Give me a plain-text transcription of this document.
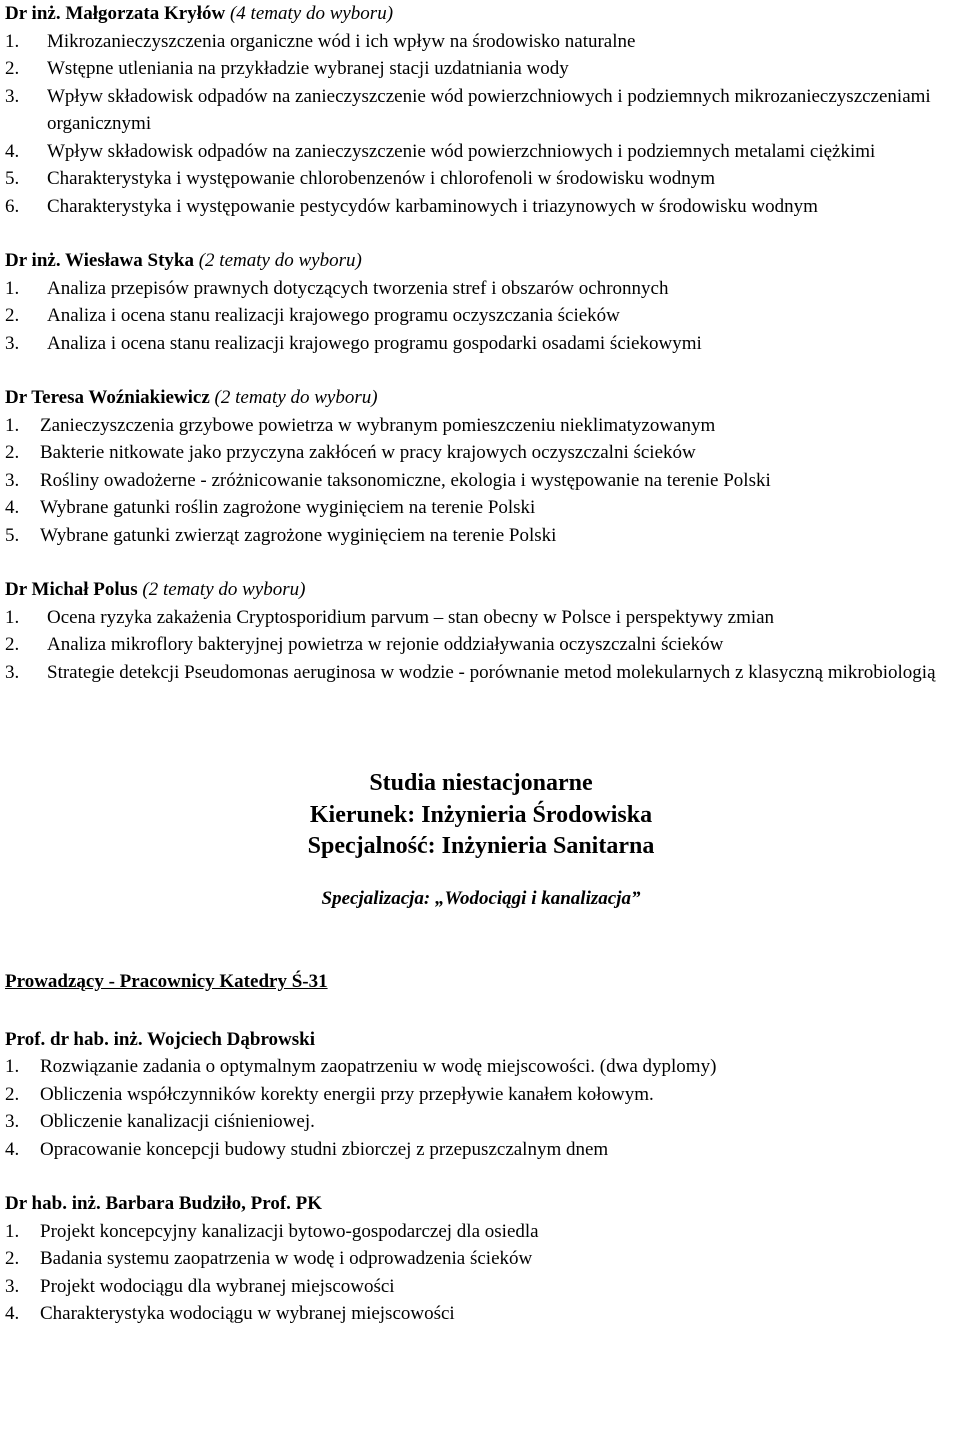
Dr inż. Małgorzata Kryłów (4 tematy do wyboru)

1.	Mikrozanieczyszczenia organiczne wód i ich wpływ na środowisko naturalne
2.	Wstępne utleniania na przykładzie wybranej stacji uzdatniania wody
3.	Wpływ składowisk odpadów na zanieczyszczenie wód powierzchniowych i podziemnych mikrozanieczyszczeniami organicznymi
4.	Wpływ składowisk odpadów na zanieczyszczenie wód powierzchniowych i podziemnych metalami ciężkimi
5.	Charakterystyka i występowanie chlorobenzenów i chlorofenoli w środowisku wodnym
6.	Charakterystyka i występowanie pestycydów karbaminowych i triazynowych w środowisku wodnym

Dr inż. Wiesława Styka (2 tematy do wyboru)

1.	Analiza przepisów prawnych dotyczących tworzenia stref i obszarów ochronnych
2.	Analiza i ocena stanu realizacji krajowego programu oczyszczania ścieków
3.	Analiza i ocena stanu realizacji krajowego programu gospodarki osadami ściekowymi

Dr Teresa Woźniakiewicz (2 tematy do wyboru)

1.	Zanieczyszczenia grzybowe powietrza w wybranym pomieszczeniu nieklimatyzowanym
2.	Bakterie nitkowate jako przyczyna zakłóceń w pracy krajowych oczyszczalni ścieków
3.	Rośliny owadożerne - zróżnicowanie taksonomiczne, ekologia i występowanie na terenie Polski
4.	Wybrane gatunki roślin zagrożone wyginięciem na terenie Polski
5.	Wybrane gatunki zwierząt zagrożone wyginięciem na terenie Polski

Dr Michał Polus (2 tematy do wyboru)

1.	Ocena ryzyka zakażenia Cryptosporidium parvum – stan obecny w Polsce i perspektywy zmian
2.	Analiza mikroflory bakteryjnej powietrza w rejonie oddziaływania oczyszczalni ścieków
3.	Strategie detekcji Pseudomonas aeruginosa w wodzie - porównanie metod molekularnych z klasyczną mikrobiologią
Studia niestacjonarne
Kierunek: Inżynieria Środowiska
Specjalność: Inżynieria Sanitarna
Specjalizacja: „Wodociągi i kanalizacja”
Prowadzący - Pracownicy Katedry Ś-31

Prof. dr hab. inż. Wojciech Dąbrowski

1.	Rozwiązanie zadania o optymalnym zaopatrzeniu w wodę miejscowości. (dwa dyplomy)
2.	Obliczenia współczynników korekty energii przy przepływie kanałem kołowym.
3.	Obliczenie kanalizacji ciśnieniowej.
4.	Opracowanie koncepcji budowy studni zbiorczej z przepuszczalnym dnem

Dr hab. inż. Barbara Budziło, Prof. PK

1.	Projekt koncepcyjny kanalizacji bytowo-gospodarczej dla osiedla
2.	Badania systemu zaopatrzenia w wodę i odprowadzenia ścieków
3.	Projekt wodociągu dla wybranej miejscowości
4.	Charakterystyka wodociągu w wybranej miejscowości
